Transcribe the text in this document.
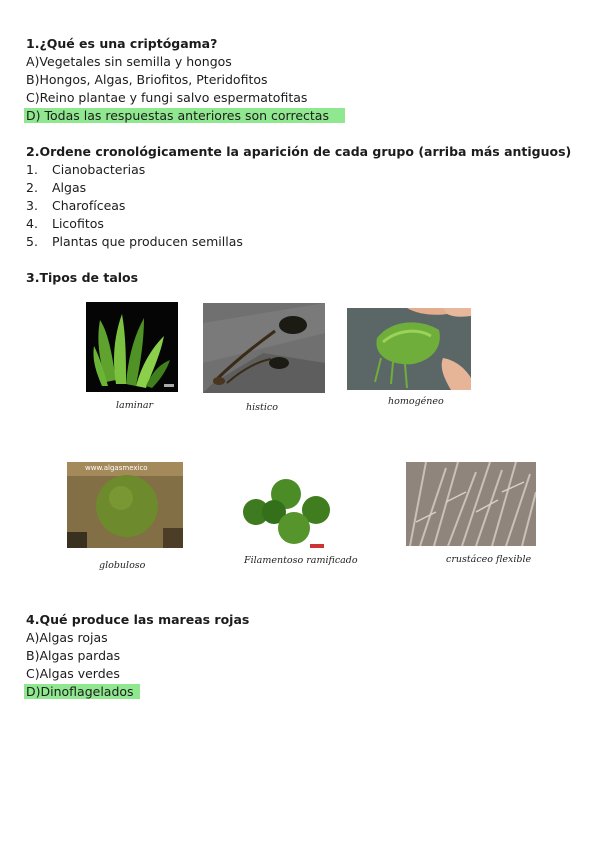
1.¿Qué es una criptógama?
A)Vegetales sin semilla y hongos
B)Hongos, Algas, Briofitos, Pteridofitos
C)Reino plantae y fungi salvo espermatofitas
D) Todas las respuestas anteriores son correctas
2.Ordene cronológicamente la aparición de cada grupo (arriba más antiguos)
1. Cianobacterias
2. Algas
3. Charofíceas
4. Licofitos
5. Plantas que producen semillas
3.Tipos de talos
laminar	histico
homogéneo
www.algasmexico
globuloso	Filamentoso ramificado	crustáceo flexible
4.Qué produce las mareas rojas
A)Algas rojas
B)Algas pardas
C)Algas verdes
D)Dinoflagelados
